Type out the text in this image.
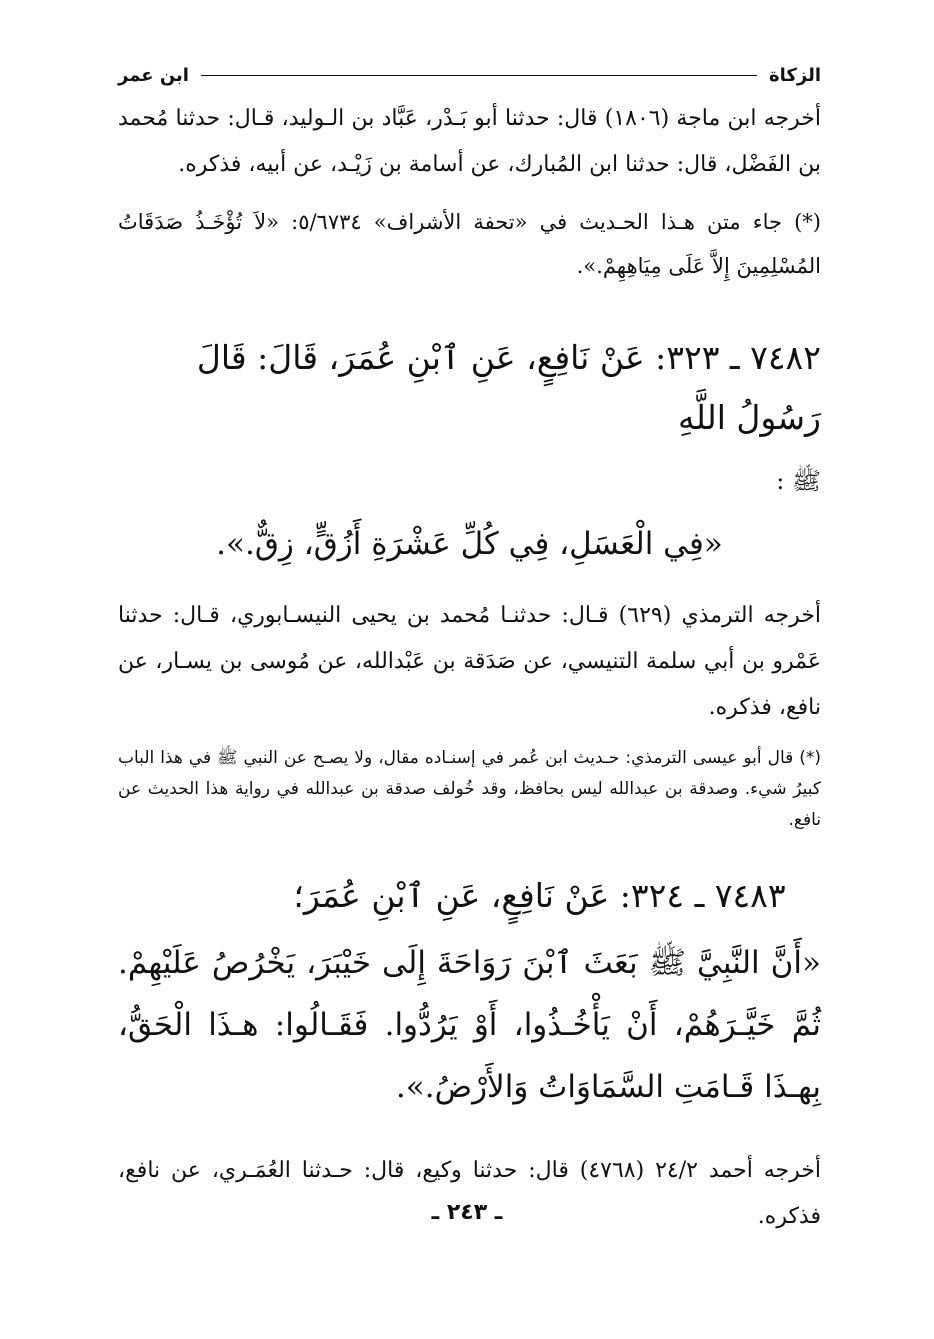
الزكاة
ابن عمر

أخرجه ابن ماجة (١٨٠٦) قال: حدثنا أبو بَـدْر، عَبَّاد بن الـوليد، قـال: حدثنا مُحمد بن الفَضْل، قال: حدثنا ابن المُبارك، عن أسامة بن زَيْـد، عن أبيه، فذكره.

(*) جاء متن هـذا الحـديث في «تحفة الأشراف» ٥/٦٧٣٤: «لاَ تُؤْخَـذُ صَدَقَاتُ المُسْلِمِينَ إِلاَّ عَلَى مِيَاهِهِمْ.».

٧٤٨٢ ـ ٣٢٣: عَنْ نَافِعٍ، عَنِ ٱبْنِ عُمَرَ، قَالَ: قَالَ رَسُولُ اللَّهِ
ﷺ :

«فِي الْعَسَلِ، فِي كُلِّ عَشْرَةِ أَزُقٍّ، زِقٌّ.».

أخرجه الترمذي (٦٢٩) قـال: حدثنـا مُحمد بن يحيى النيسـابوري، قـال: حدثنا عَمْرو بن أبي سلمة التنيسي، عن صَدَقة بن عَبْدالله، عن مُوسى بن يسـار، عن نافع، فذكره.

(*) قال أبو عيسى الترمذي: حـديث ابن عُمر في إسنـاده مقال، ولا يصـح عن النبي ﷺ في هذا الباب كبيرُ شيء. وصدقة بن عبدالله ليس بحافظ، وقد خُولف صدقة بن عبدالله في رواية هذا الحديث عن نافع.

٧٤٨٣ ـ ٣٢٤: عَنْ نَافِعٍ، عَنِ ٱبْنِ عُمَرَ؛

«أَنَّ النَّبِيَّ ﷺ بَعَثَ ٱبْنَ رَوَاحَةَ إِلَى خَيْبَرَ، يَخْرُصُ عَلَيْهِمْ. ثُمَّ خَيَّـرَهُمْ، أَنْ يَأْخُـذُوا، أَوْ يَرُدُّوا. فَقَـالُوا: هـذَا الْحَقُّ، بِهـذَا قَـامَتِ السَّمَاوَاتُ وَالأَرْضُ.».

أخرجه أحمد ٢٤/٢ (٤٧٦٨) قال: حدثنا وكيع، قال: حـدثنا العُمَـري، عن نافع، فذكره.

ـ ٢٤٣ ـ
